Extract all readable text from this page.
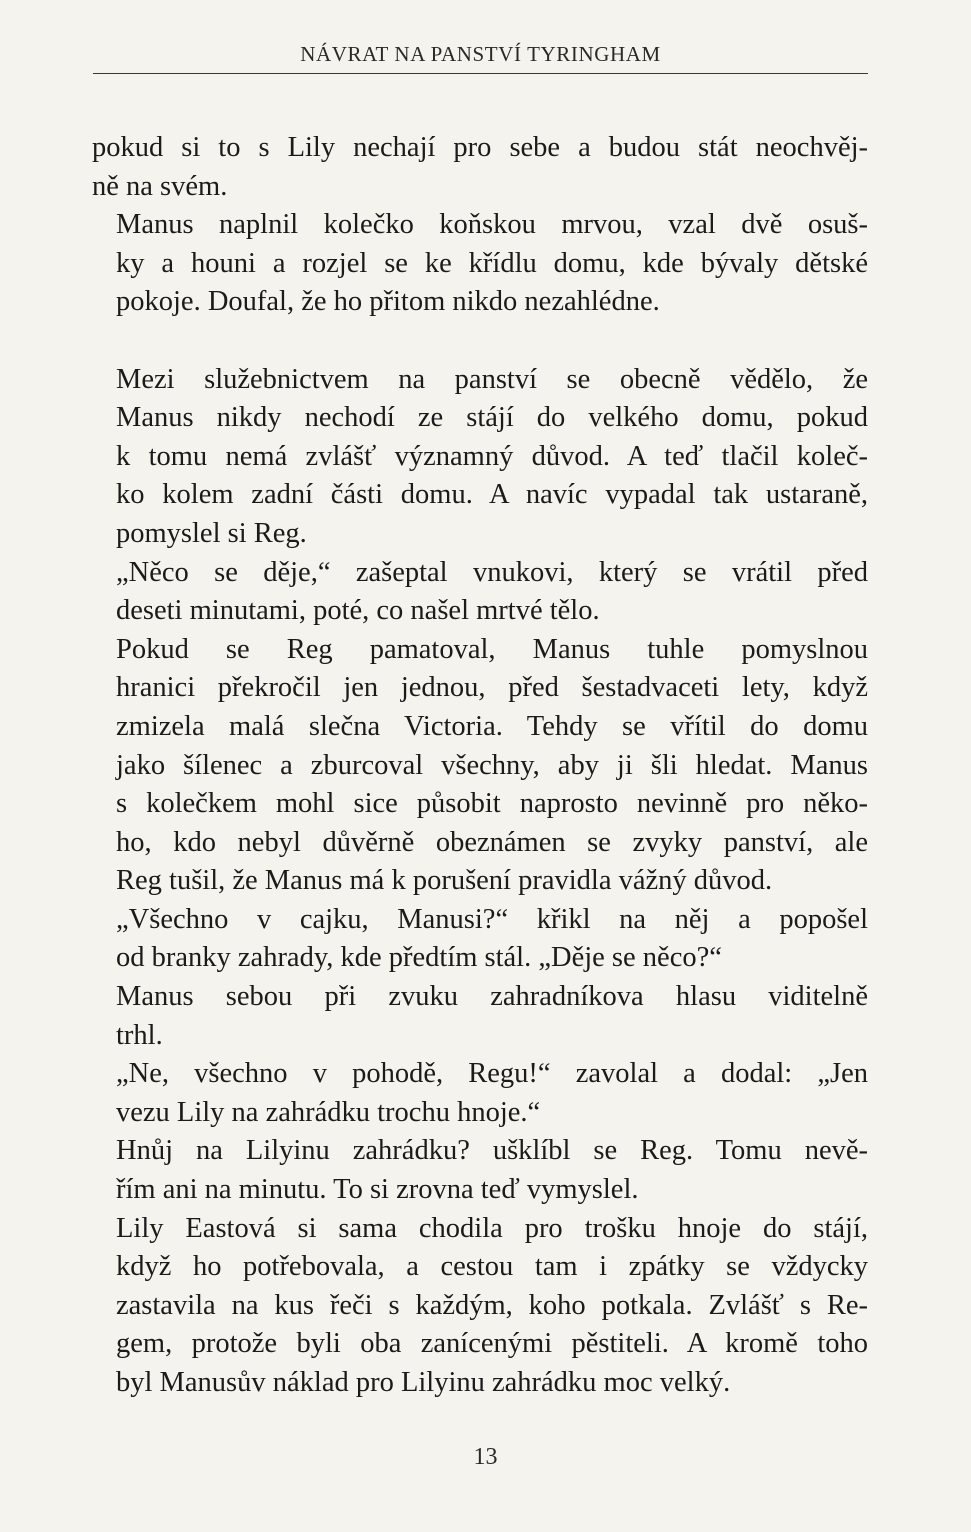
NÁVRAT NA PANSTVÍ TYRINGHAM

pokud si to s Lily nechají pro sebe a budou stát neochvěj-
ně na svém.

Manus naplnil kolečko koňskou mrvou, vzal dvě osuš-
ky a houni a rozjel se ke křídlu domu, kde bývaly dětské
pokoje. Doufal, že ho přitom nikdo nezahlédne.

Mezi služebnictvem na panství se obecně vědělo, že
Manus nikdy nechodí ze stájí do velkého domu, pokud
k tomu nemá zvlášť významný důvod. A teď tlačil koleč-
ko kolem zadní části domu. A navíc vypadal tak ustaraně,
pomyslel si Reg.

„Něco se děje,“ zašeptal vnukovi, který se vrátil před
deseti minutami, poté, co našel mrtvé tělo.

Pokud se Reg pamatoval, Manus tuhle pomyslnou
hranici překročil jen jednou, před šestadvaceti lety, když
zmizela malá slečna Victoria. Tehdy se vřítil do domu
jako šílenec a zburcoval všechny, aby ji šli hledat. Manus
s kolečkem mohl sice působit naprosto nevinně pro něko-
ho, kdo nebyl důvěrně obeznámen se zvyky panství, ale
Reg tušil, že Manus má k porušení pravidla vážný důvod.

„Všechno v cajku, Manusi?“ křikl na něj a popošel
od branky zahrady, kde předtím stál. „Děje se něco?“

Manus sebou při zvuku zahradníkova hlasu viditelně
trhl.

„Ne, všechno v pohodě, Regu!“ zavolal a dodal: „Jen
vezu Lily na zahrádku trochu hnoje.“

Hnůj na Lilyinu zahrádku? ušklíbl se Reg. Tomu nevě-
řím ani na minutu. To si zrovna teď vymyslel.

Lily Eastová si sama chodila pro trošku hnoje do stájí,
když ho potřebovala, a cestou tam i zpátky se vždycky
zastavila na kus řeči s každým, koho potkala. Zvlášť s Re-
gem, protože byli oba zanícenými pěstiteli. A kromě toho
byl Manusův náklad pro Lilyinu zahrádku moc velký.

13
